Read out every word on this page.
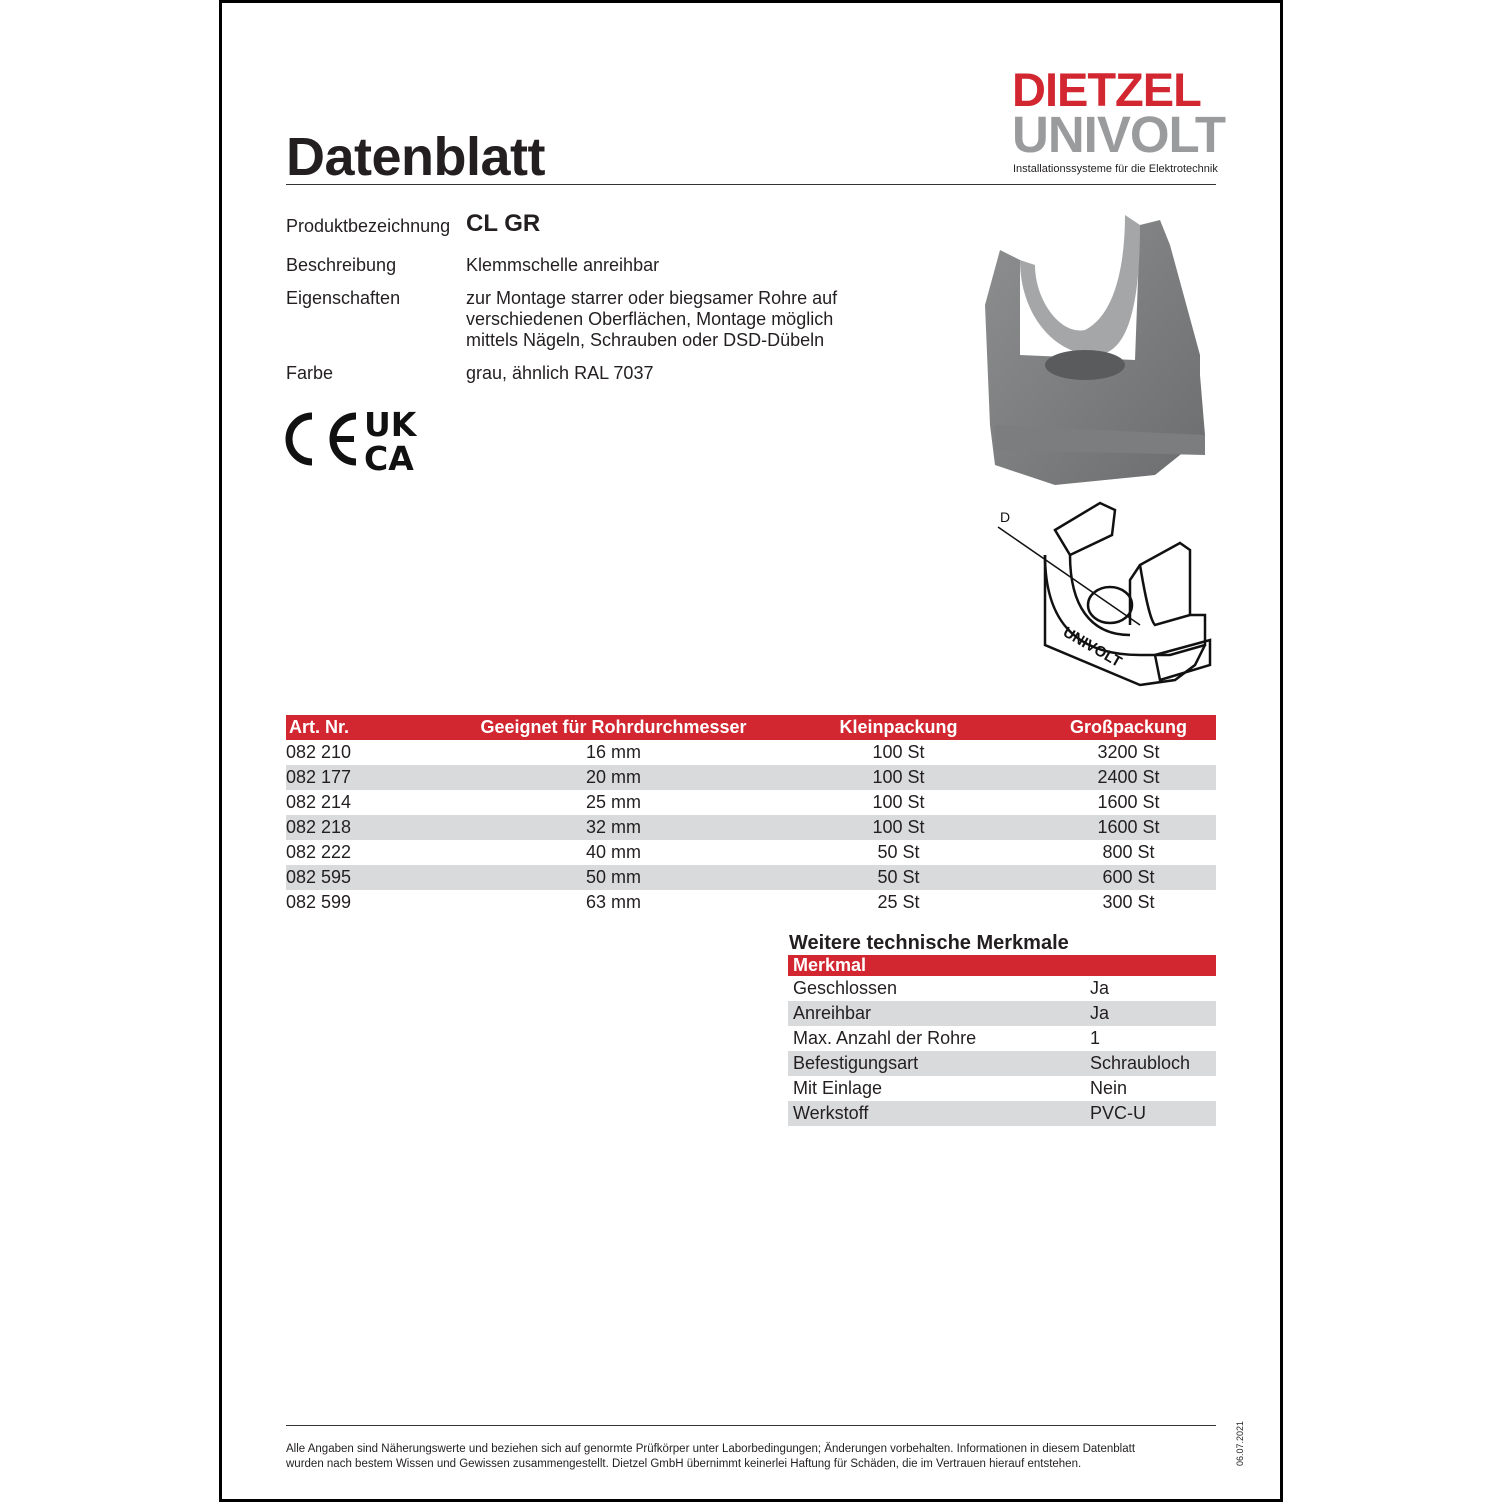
Datenblatt
DIETZEL
UNIVOLT
Installationssysteme für die Elektrotechnik
Produktbezeichnung CL GR
Beschreibung	Klemmschelle anreihbar
Eigenschaften	zur Montage starrer oder biegsamer Rohre auf
verschiedenen Oberflächen, Montage möglich
mittels Nägeln, Schrauben oder DSD-Dübeln
Farbe	grau, ähnlich RAL 7037
UK
CA
D
UNIVOLT
Art. Nr.	Geeignet für Rohrdurchmesser	Kleinpackung	Großpackung
082 210	16 mm	100 St	3200 St
082 177	20 mm	100 St	2400 St
082 214	25 mm	100 St	1600 St
082 218	32 mm	100 St	1600 St
082 222	40 mm	50 St	800 St
082 595	50 mm	50 St	600 St
082 599	63 mm	25 St	300 St
Weitere technische Merkmale
Merkmal	
Geschlossen	Ja
Anreihbar	Ja
Max. Anzahl der Rohre	1
Befestigungsart	Schraubloch
Mit Einlage	Nein
Werkstoff	PVC-U
Alle Angaben sind Näherungswerte und beziehen sich auf genormte Prüfkörper unter Laborbedingungen; Änderungen vorbehalten. Informationen in diesem Datenblatt
wurden nach bestem Wissen und Gewissen zusammengestellt. Dietzel GmbH übernimmt keinerlei Haftung für Schäden, die im Vertrauen hierauf entstehen.	06.07.2021
